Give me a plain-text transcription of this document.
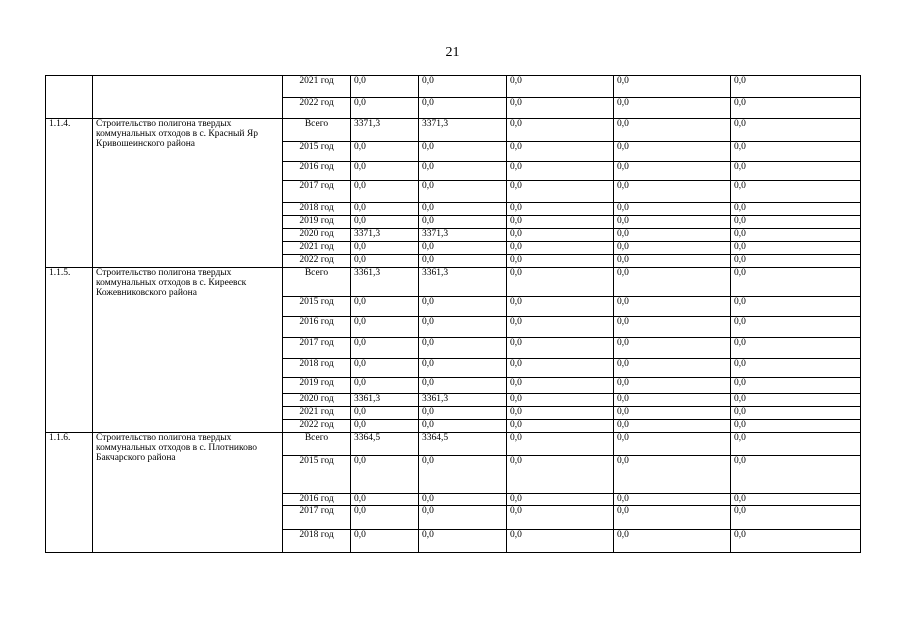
21
		2021 год	0,0	0,0	0,0	0,0	0,0
		2022 год	0,0	0,0	0,0	0,0	0,0
1.1.4.	Строительство полигона твердых коммунальных отходов в с. Красный Яр Кривошеинского района	Всего	3371,3	3371,3	0,0	0,0	0,0
		2015 год	0,0	0,0	0,0	0,0	0,0
		2016 год	0,0	0,0	0,0	0,0	0,0
		2017 год	0,0	0,0	0,0	0,0	0,0
		2018 год	0,0	0,0	0,0	0,0	0,0
		2019 год	0,0	0,0	0,0	0,0	0,0
		2020 год	3371,3	3371,3	0,0	0,0	0,0
		2021 год	0,0	0,0	0,0	0,0	0,0
		2022 год	0,0	0,0	0,0	0,0	0,0
1.1.5.	Строительство полигона твердых коммунальных отходов в с. Киреевск Кожевниковского района	Всего	3361,3	3361,3	0,0	0,0	0,0
		2015 год	0,0	0,0	0,0	0,0	0,0
		2016 год	0,0	0,0	0,0	0,0	0,0
		2017 год	0,0	0,0	0,0	0,0	0,0
		2018 год	0,0	0,0	0,0	0,0	0,0
		2019 год	0,0	0,0	0,0	0,0	0,0
		2020 год	3361,3	3361,3	0,0	0,0	0,0
		2021 год	0,0	0,0	0,0	0,0	0,0
		2022 год	0,0	0,0	0,0	0,0	0,0
1.1.6.	Строительство полигона твердых коммунальных отходов в с. Плотниково Бакчарского района	Всего	3364,5	3364,5	0,0	0,0	0,0
		2015 год	0,0	0,0	0,0	0,0	0,0
		2016 год	0,0	0,0	0,0	0,0	0,0
		2017 год	0,0	0,0	0,0	0,0	0,0
		2018 год	0,0	0,0	0,0	0,0	0,0
